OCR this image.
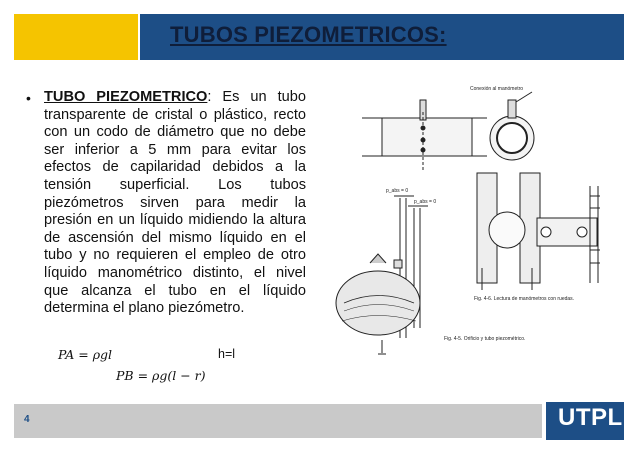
TUBOS PIEZOMETRICOS:
• TUBO PIEZOMETRICO: Es un tubo transparente de cristal o plástico, recto con un codo de diámetro que no debe ser inferior a 5 mm para evitar los efectos de capilaridad debidos a la tensión superficial. Los tubos piezómetros sirven para medir la presión en un líquido midiendo la altura de ascensión del mismo líquido en el tubo y no requieren el empleo de otro líquido manométrico distinto, el nivel que alcanza el tubo en el líquido determina el plano piezómetro.
PA = ρgl	h=l
PB = ρg(l − r)
Conexión al manómetro
p_abs = 0
p_abs = 0
Fig. 4-6. Lectura de manómetros con ruedas.
Fig. 4-5. Orificio y tubo piezométrico.
4	UTPL
